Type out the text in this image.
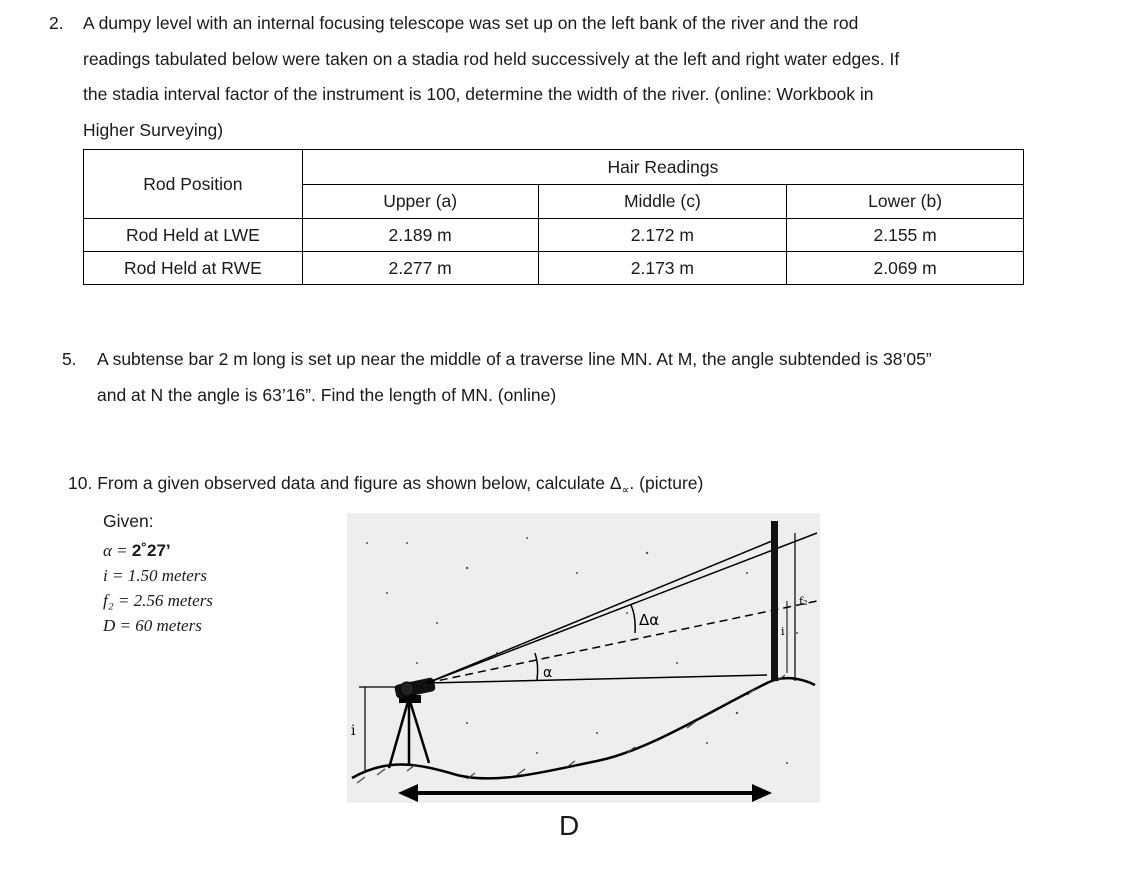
2. A dumpy level with an internal focusing telescope was set up on the left bank of the river and the rod
readings tabulated below were taken on a stadia rod held successively at the left and right water edges. If
the stadia interval factor of the instrument is 100, determine the width of the river. (online: Workbook in
Higher Surveying)
Rod Position	Hair Readings		
	Upper (a)	Middle (c)	Lower (b)
Rod Held at LWE	2.189 m	2.172 m	2.155 m
Rod Held at RWE	2.277 m	2.173 m	2.069 m
5. A subtense bar 2 m long is set up near the middle of a traverse line MN. At M, the angle subtended is 38’05”
and at N the angle is 63’16”. Find the length of MN. (online)
10. From a given observed data and figure as shown below, calculate $\Delta_\propto$. (picture)
Given:
α = 2˚27’
i = 1.50 meters
f₂ = 2.56 meters
D = 60 meters
α
Δα
i
i
f₂
D
